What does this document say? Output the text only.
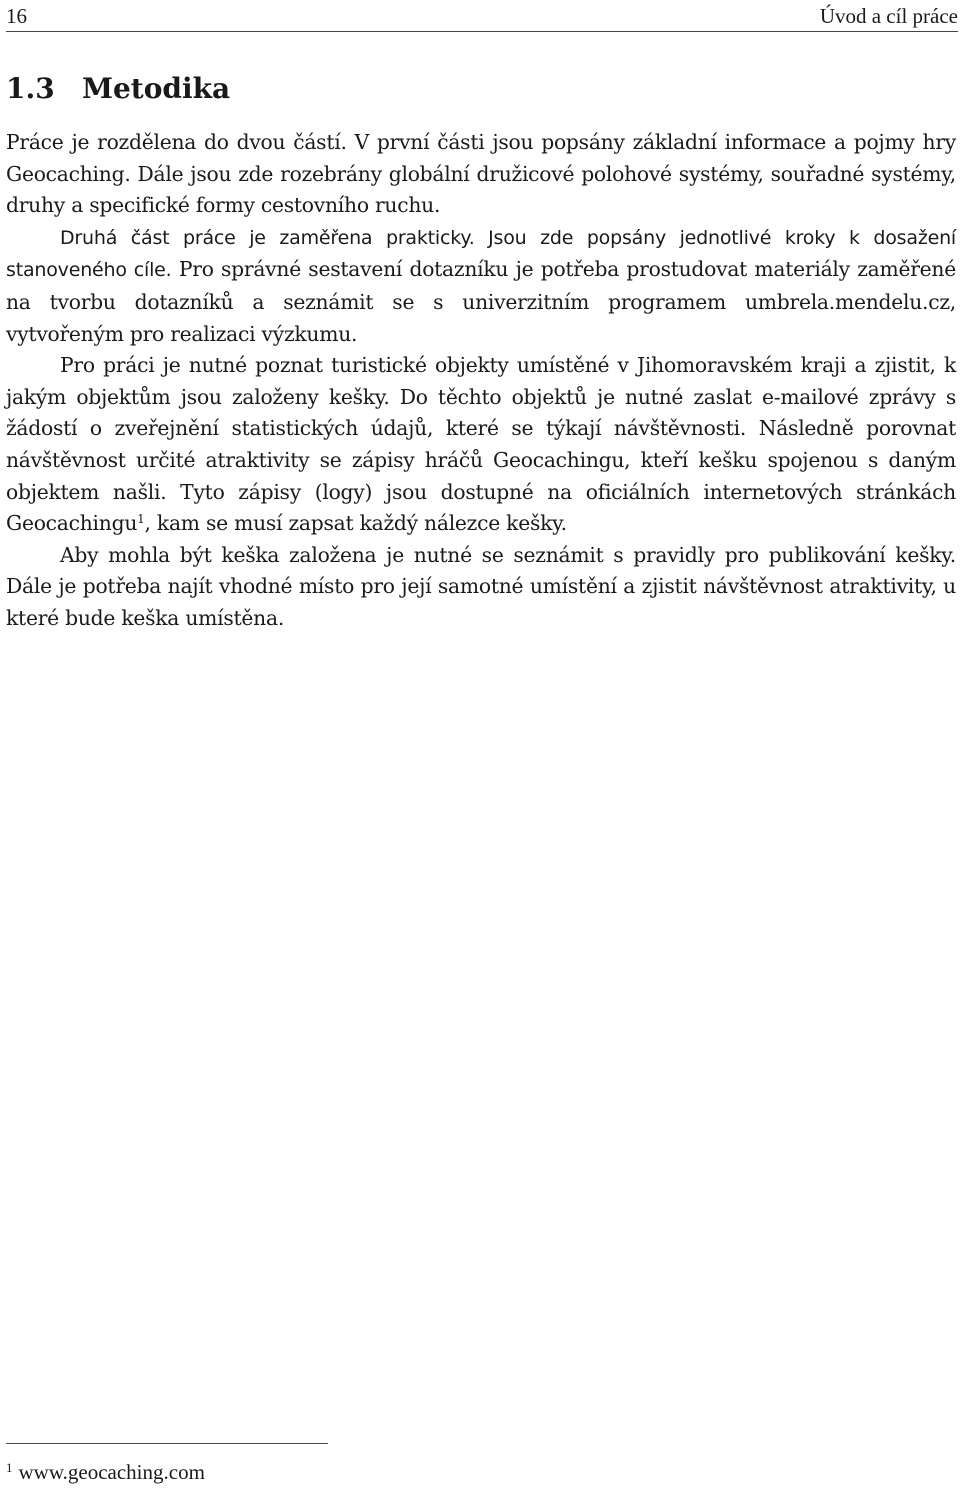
16	Úvod a cíl práce
1.3 Metodika

Práce je rozdělena do dvou částí. V první části jsou popsány základní informace a pojmy hry Geocaching. Dále jsou zde rozebrány globální družicové polohové systémy, souřadné systémy, druhy a specifické formy cestovního ruchu.

Druhá část práce je zaměřena prakticky. Jsou zde popsány jednotlivé kroky k dosažení stanoveného cíle. Pro správné sestavení dotazníku je potřeba prostudovat materiály zaměřené na tvorbu dotazníků a seznámit se s univerzitním programem umbrela.mendelu.cz, vytvořeným pro realizaci výzkumu.

Pro práci je nutné poznat turistické objekty umístěné v Jihomoravském kraji a zjistit, k jakým objektům jsou založeny kešky. Do těchto objektů je nutné zaslat e-mailové zprávy s žádostí o zveřejnění statistických údajů, které se týkají návštěvnosti. Následně porovnat návštěvnost určité atraktivity se zápisy hráčů Geocachingu, kteří kešku spojenou s daným objektem našli. Tyto zápisy (logy) jsou dostupné na oficiálních internetových stránkách Geocachingu$^1$, kam se musí zapsat každý nálezce kešky.

Aby mohla být keška založena je nutné se seznámit s pravidly pro publikování kešky. Dále je potřeba najít vhodné místo pro její samotné umístění a zjistit návštěvnost atraktivity, u které bude keška umístěna.

$^1$ www.geocaching.com
